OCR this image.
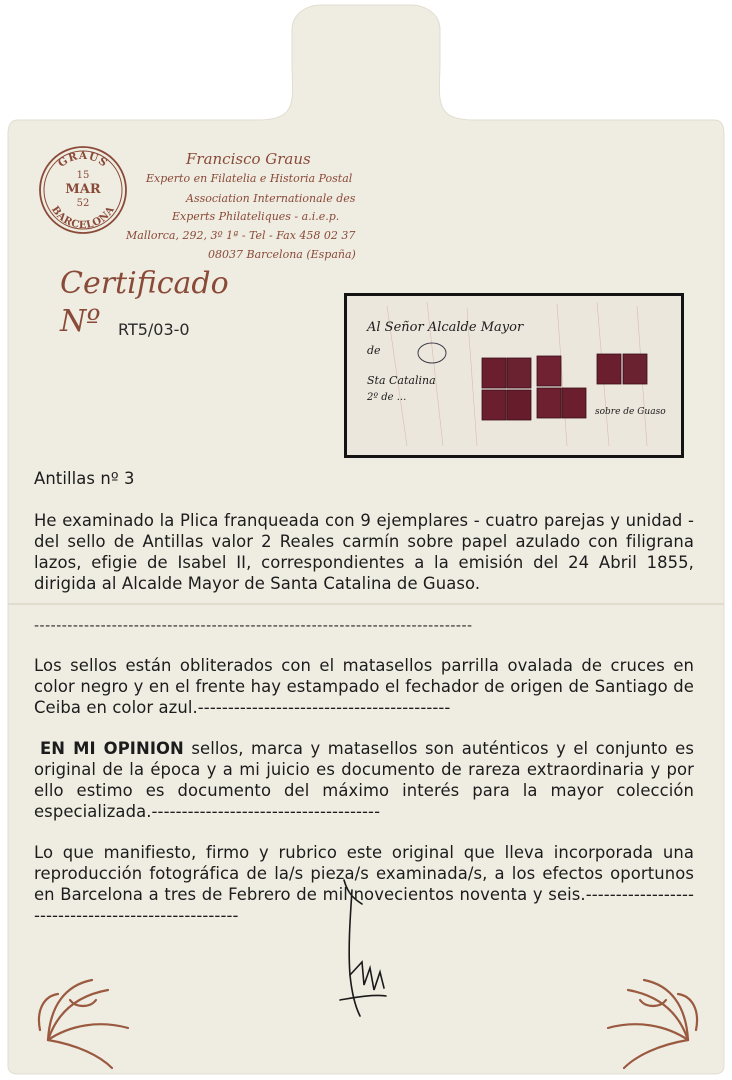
GRAUS
BARCELONA
15
MAR
52
Francisco Graus
Experto en Filatelia e Historia Postal
Association Internationale des
Experts Philateliques - a.i.e.p.
Mallorca, 292, 3º 1ª - Tel - Fax 458 02 37
08037 Barcelona (España)
Certificado
Nº RT5/03-0	Al Señor Alcalde Mayor
de
Sta Catalina
2º de ...
sobre de Guaso
Antillas nº 3
He examinado la Plica franqueada con 9 ejemplares - cuatro parejas y unidad - del sello de Antillas valor 2 Reales carmín sobre papel azulado con filigrana lazos, efigie de Isabel II, correspondientes a la emisión del 24 Abril 1855, dirigida al Alcalde Mayor de Santa Catalina de Guaso.
-------------------------------------------------------------------------------
Los sellos están obliterados con el matasellos parrilla ovalada de cruces en color negro y en el frente hay estampado el fechador de origen de Santiago de Ceiba en color azul.------------------------------------------
EN MI OPINION sellos, marca y matasellos son auténticos y el conjunto es original de la época y a mi juicio es documento de rareza extraordinaria y por ello estimo es documento del máximo interés para la mayor colección especializada.--------------------------------------
Lo que manifiesto, firmo y rubrico este original que lleva incorporada una reproducción fotográfica de la/s pieza/s examinada/s, a los efectos oportunos en Barcelona a tres de Febrero de mil novecientos noventa y seis.----------------------------------------------------
